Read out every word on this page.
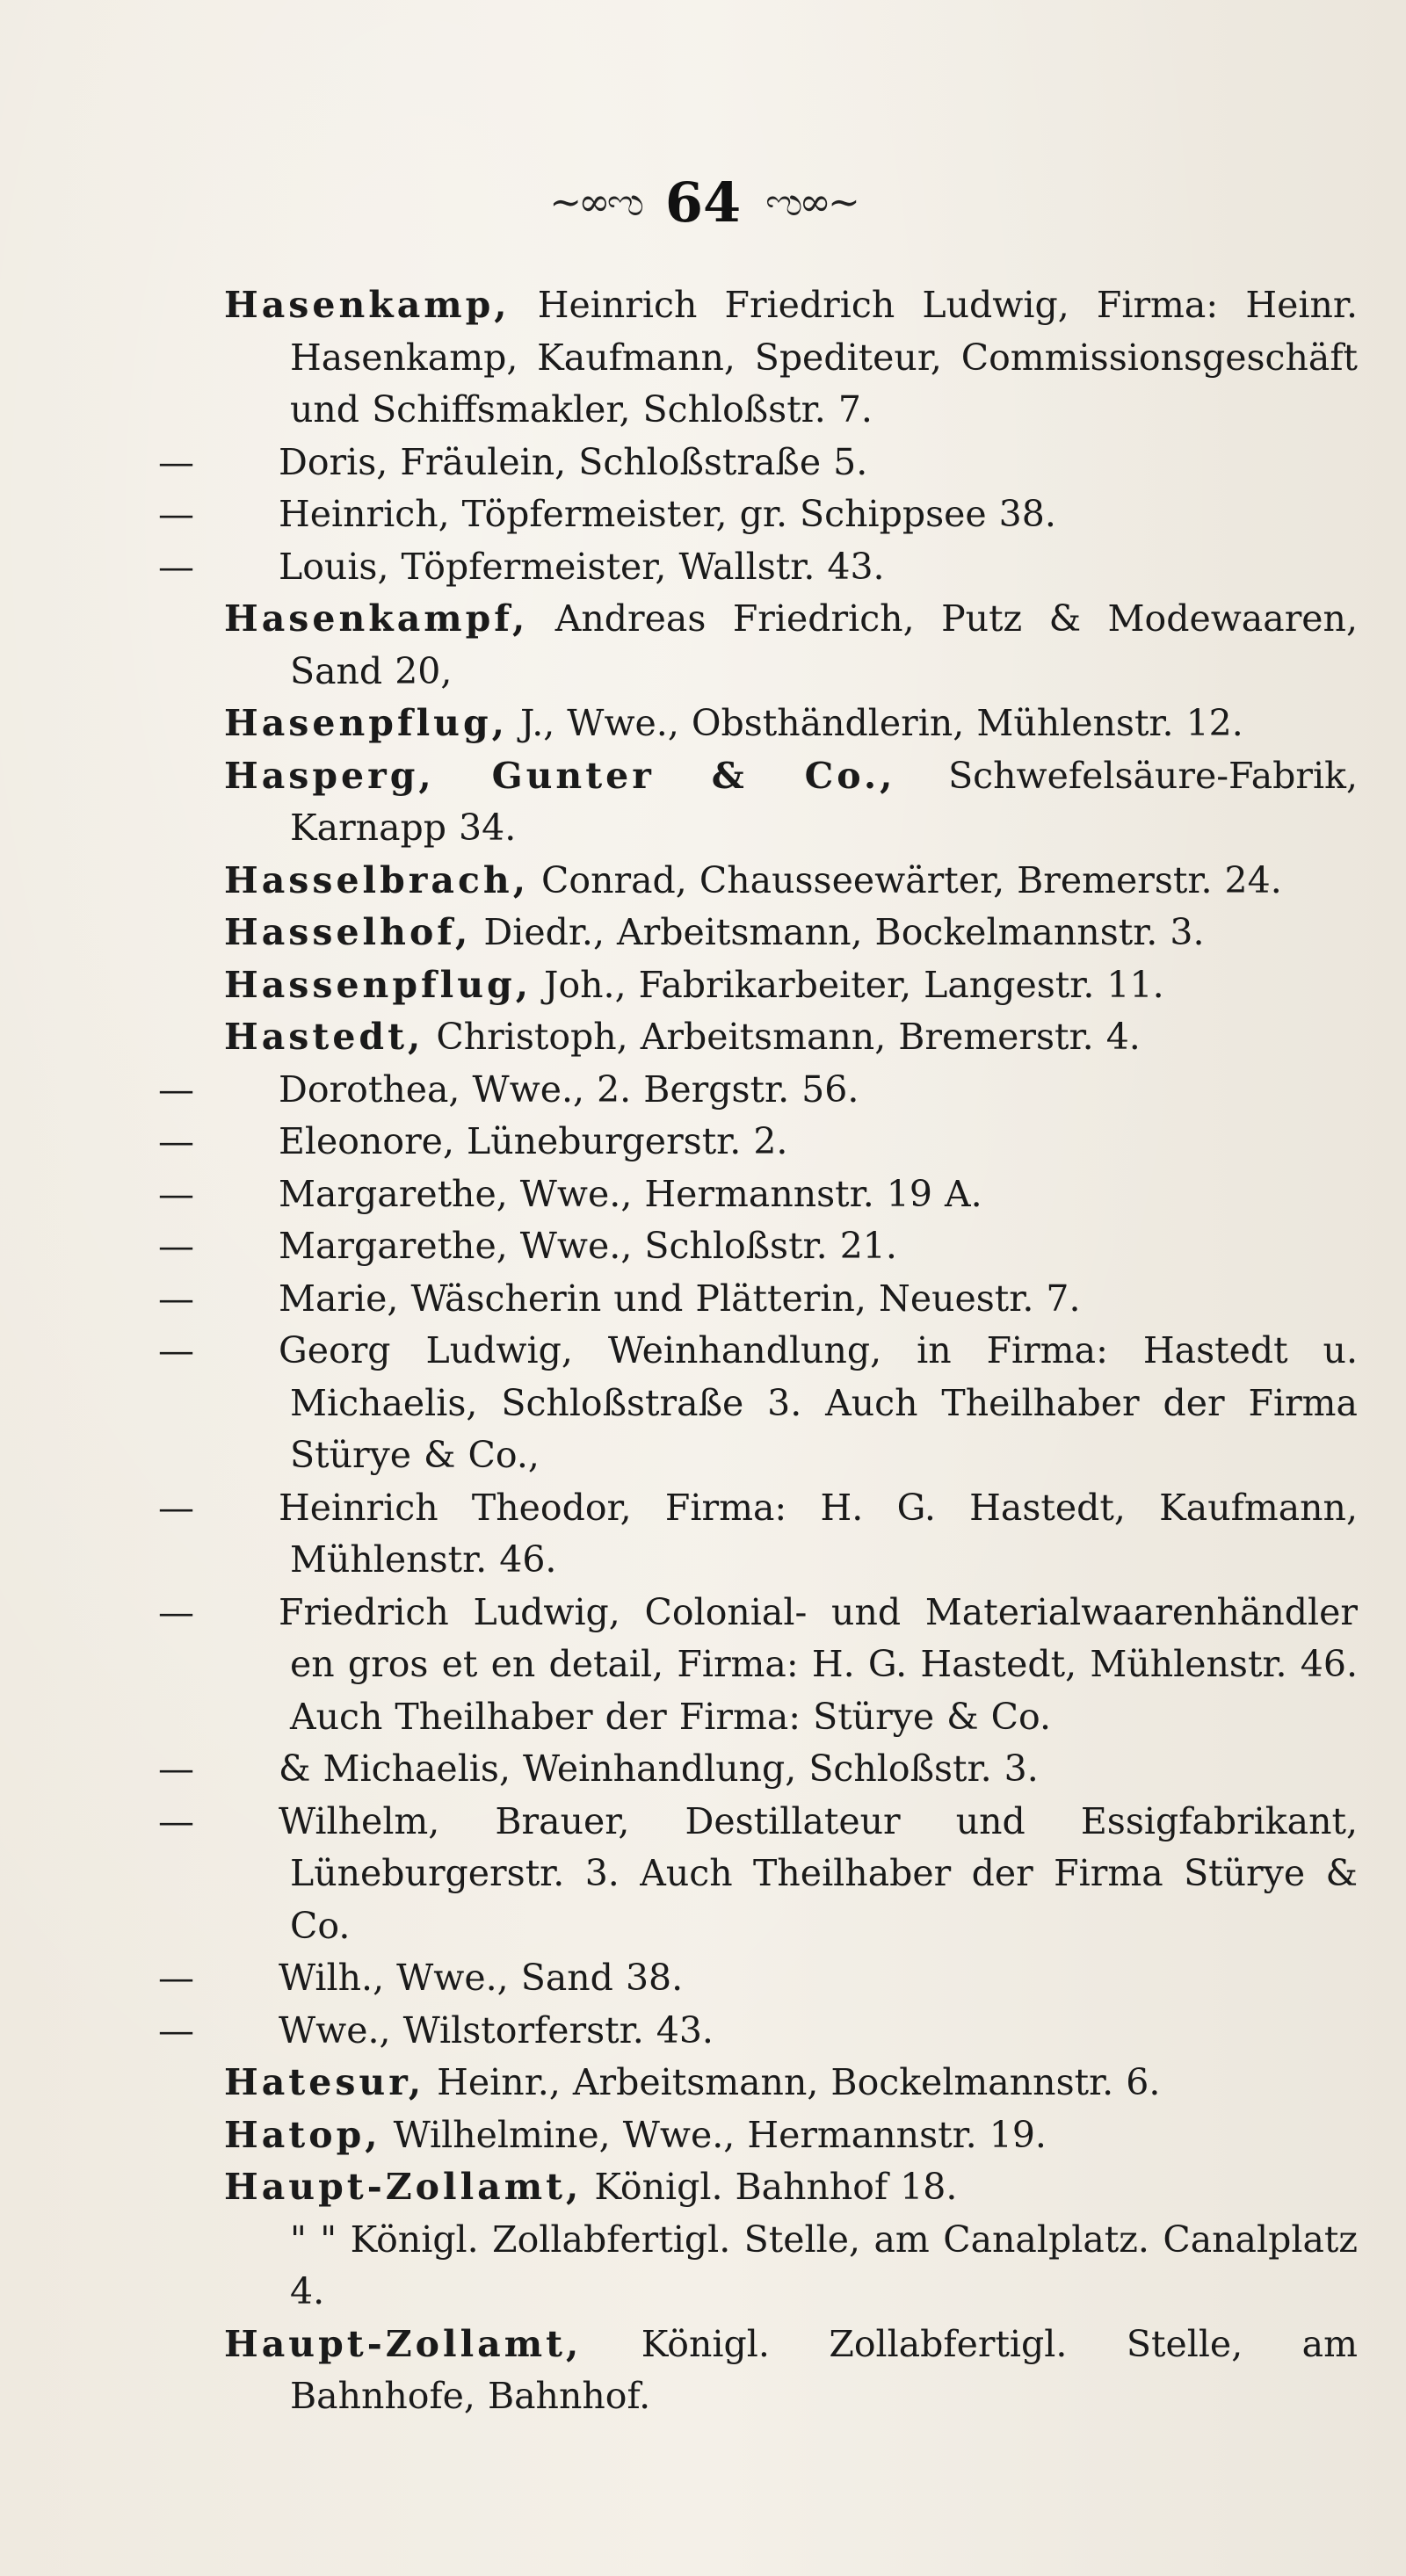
~∞ಌ 64 ಌ∞~

Hasenkamp, Heinrich Friedrich Ludwig, Firma: Heinr. Hasenkamp, Kaufmann, Spediteur, Commissionsgeschäft und Schiffsmakler, Schloßstr. 7.

— Doris, Fräulein, Schloßstraße 5.

— Heinrich, Töpfermeister, gr. Schippsee 38.

— Louis, Töpfermeister, Wallstr. 43.

Hasenkampf, Andreas Friedrich, Putz & Modewaaren, Sand 20,

Hasenpflug, J., Wwe., Obsthändlerin, Mühlenstr. 12.

Hasperg, Gunter & Co., Schwefelsäure-Fabrik, Karnapp 34.

Hasselbrach, Conrad, Chausseewärter, Bremerstr. 24.

Hasselhof, Diedr., Arbeitsmann, Bockelmannstr. 3.

Hassenpflug, Joh., Fabrikarbeiter, Langestr. 11.

Hastedt, Christoph, Arbeitsmann, Bremerstr. 4.

— Dorothea, Wwe., 2. Bergstr. 56.

— Eleonore, Lüneburgerstr. 2.

— Margarethe, Wwe., Hermannstr. 19 A.

— Margarethe, Wwe., Schloßstr. 21.

— Marie, Wäscherin und Plätterin, Neuestr. 7.

— Georg Ludwig, Weinhandlung, in Firma: Hastedt u. Michaelis, Schloßstraße 3. Auch Theilhaber der Firma Stürye & Co.,

— Heinrich Theodor, Firma: H. G. Hastedt, Kaufmann, Mühlenstr. 46.

— Friedrich Ludwig, Colonial- und Materialwaarenhändler en gros et en detail, Firma: H. G. Hastedt, Mühlenstr. 46. Auch Theilhaber der Firma: Stürye & Co.

— & Michaelis, Weinhandlung, Schloßstr. 3.

— Wilhelm, Brauer, Destillateur und Essigfabrikant, Lüneburgerstr. 3. Auch Theilhaber der Firma Stürye & Co.

— Wilh., Wwe., Sand 38.

— Wwe., Wilstorferstr. 43.

Hatesur, Heinr., Arbeitsmann, Bockelmannstr. 6.

Hatop, Wilhelmine, Wwe., Hermannstr. 19.

Haupt-Zollamt, Königl. Bahnhof 18.

" " Königl. Zollabfertigl. Stelle, am Canalplatz. Canalplatz 4.

Haupt-Zollamt, Königl. Zollabfertigl. Stelle, am Bahnhofe, Bahnhof.
